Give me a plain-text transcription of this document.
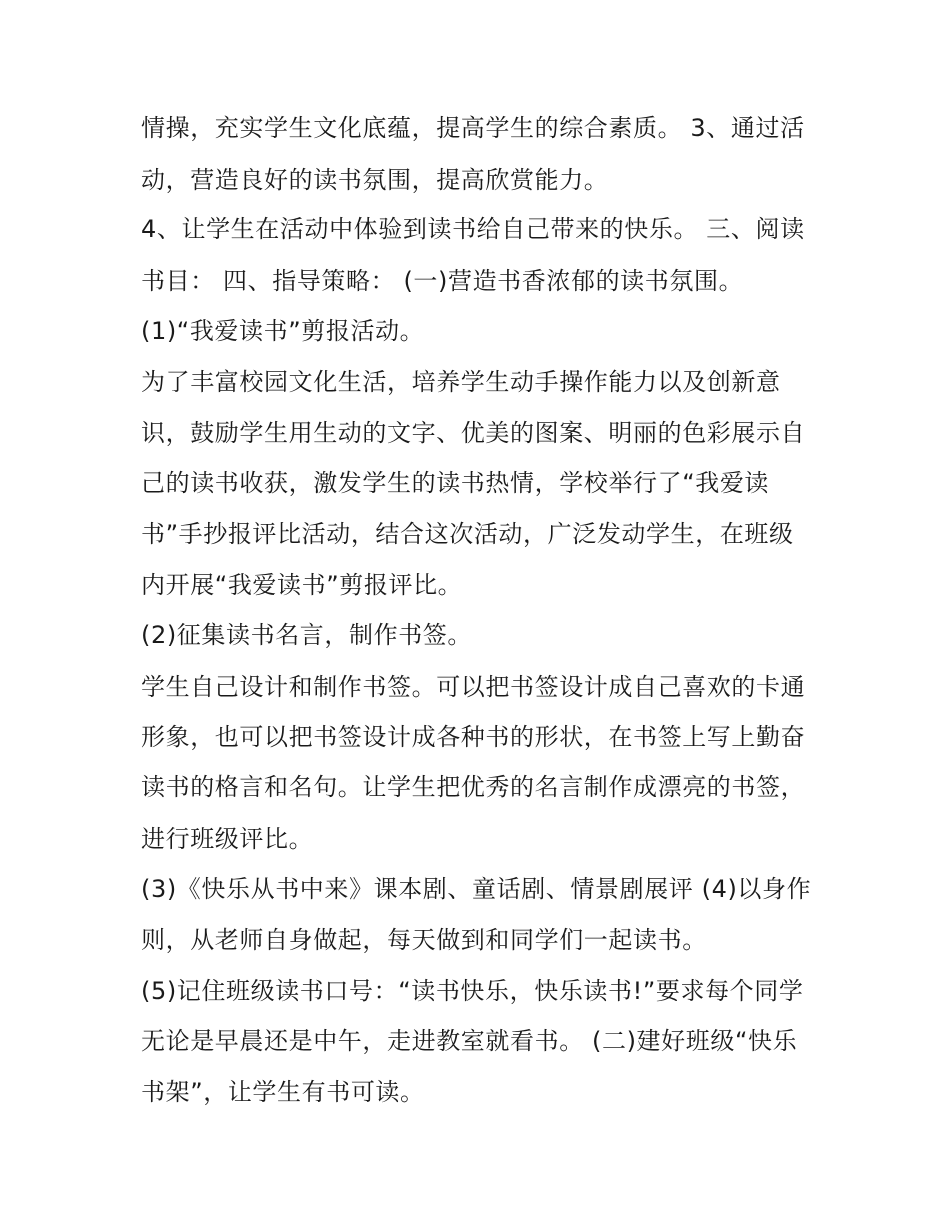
情操，充实学生文化底蕴，提高学生的综合素质。 3、通过活
动，营造良好的读书氛围，提高欣赏能力。
4、让学生在活动中体验到读书给自己带来的快乐。 三、阅读
书目： 四、指导策略： (一)营造书香浓郁的读书氛围。
(1)“我爱读书”剪报活动。
为了丰富校园文化生活，培养学生动手操作能力以及创新意
识，鼓励学生用生动的文字、优美的图案、明丽的色彩展示自
己的读书收获，激发学生的读书热情，学校举行了“我爱读
书”手抄报评比活动，结合这次活动，广泛发动学生，在班级
内开展“我爱读书”剪报评比。
(2)征集读书名言，制作书签。
学生自己设计和制作书签。可以把书签设计成自己喜欢的卡通
形象，也可以把书签设计成各种书的形状，在书签上写上勤奋
读书的格言和名句。让学生把优秀的名言制作成漂亮的书签，
进行班级评比。
(3)《快乐从书中来》课本剧、童话剧、情景剧展评 (4)以身作
则，从老师自身做起，每天做到和同学们一起读书。
(5)记住班级读书口号：“读书快乐，快乐读书!”要求每个同学
无论是早晨还是中午，走进教室就看书。 (二)建好班级“快乐
书架”，让学生有书可读。
